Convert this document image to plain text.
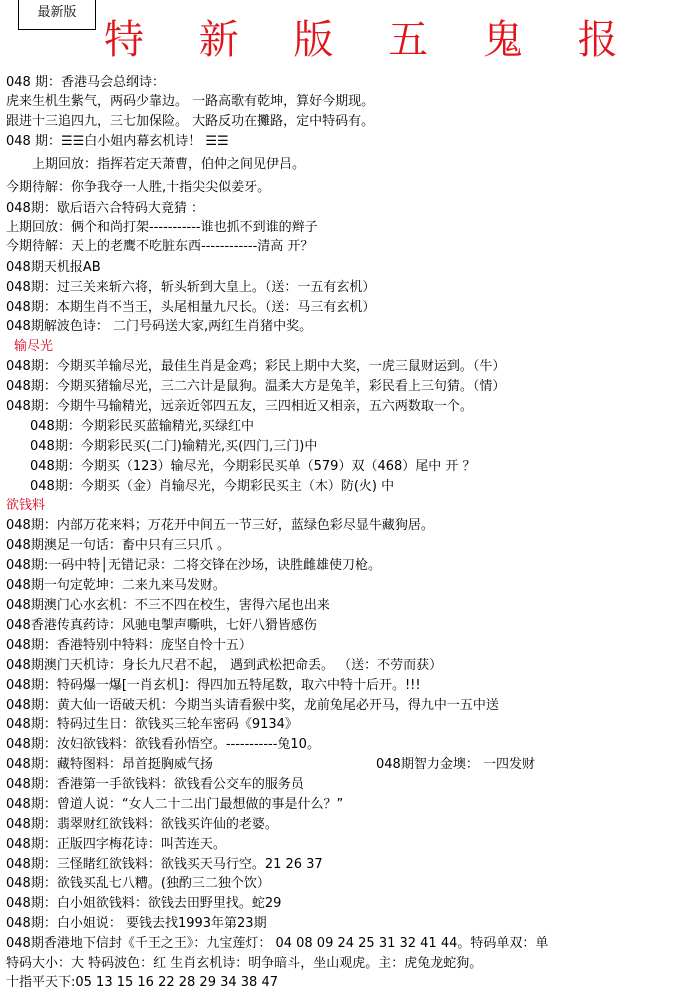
最新版
特 新 版 五 鬼 报
048 期：香港马会总纲诗：
虎来生机生紫气，两码少靠边。 一路高歌有乾坤，算好今期现。
跟进十三追四九，三七加保险。 大路反功在攤路，定中特码有。
048 期：☰☰白小姐内幕玄机诗！ ☰☰
上期回放：指挥若定天萧曹，伯仲之间见伊吕。
今期待解：你争我夺一人胜,十指尖尖似姜牙。
048期：歇后语六合特码大竟猜 ：
上期回放：俩个和尚打架-----------谁也抓不到谁的辫子
今期待解：天上的老鹰不吃脏东西------------清高 开？
048期天机报AB
048期：过三关来斩六将，斩头斩到大皇上。（送：一五有玄机）
048期：本期生肖不当王，头尾相量九尺长。（送：马三有玄机）
048期解波色诗： 二门号码送大家,两红生肖猪中奖。
输尽光
048期：今期买羊输尽光，最佳生肖是金鸡；彩民上期中大奖，一虎三鼠财运到。（牛）
048期：今期买猪输尽光，三二六计是鼠狗。温柔大方是兔羊，彩民看上三句猜。（情）
048期：今期牛马输精光，远亲近邻四五友，三四相近又相亲，五六两数取一个。
048期：今期彩民买蓝输精光,买绿红中
048期：今期彩民买(二门)输精光,买(四门,三门)中
048期：今期买（123）输尽光，今期彩民买单（579）双（468）尾中 开 ？
048期：今期买（金）肖输尽光，今期彩民买主（木）防(火) 中
欲钱料
048期：内部万花来料；万花开中间五一节三好，蓝绿色彩尽显牛藏狗居。
048期澳足一句话：畜中只有三只爪 。
048期:一码中特│无错记录：二将交锋在沙场，诀胜雌雄使刀枪。
048期一句定乾坤：二来九来马发财。
048期澳门心水玄机：不三不四在校生，害得六尾也出来
048香港传真药诗：风驰电掣声嘶哄，七奸八猾皆感伤
048期：香港特别中特料：庞坚自怜十五）
048期澳门天机诗：身长九尺君不起， 遇到武松把命丢。 （送：不劳而获）
048期：特码爆一爆[一肖玄机]：得四加五特尾数，取六中特十后开。!!!
048期：黄大仙一语破天机：今期当头请看猴中奖，龙前兔尾必开马，得九中一五中送
048期：特码过生日：欲钱买三轮车密码《9134》
048期：汝妇欲钱料：欲钱看孙悟空。-----------兔10。
048期：藏特图料：昂首挺胸威气扬	048期智力金墺： 一四发财
048期：香港第一手欲钱料：欲钱看公交车的服务员
048期：曾道人说：“女人二十二出门最想做的事是什么？”
048期：翡翠财红欲钱料：欲钱买许仙的老婆。
048期：正版四字梅花诗：叫苦连天。
048期：三怪睹红欲钱料：欲钱买天马行空。21 26 37
048期：欲钱买乱七八糟。(独酌三二独个饮）
048期：白小姐欲钱料：欲钱去田野里找。蛇29
048期：白小姐说： 要钱去找1993年第23期
048期香港地下信封《千王之王》：九宝莲灯： 04 08 09 24 25 31 32 41 44。特码单双：单
特码大小：大 特码波色：红 生肖玄机诗：明争暗斗，坐山观虎。主：虎兔龙蛇狗。
十指平天下:05 13 15 16 22 28 29 34 38 47
